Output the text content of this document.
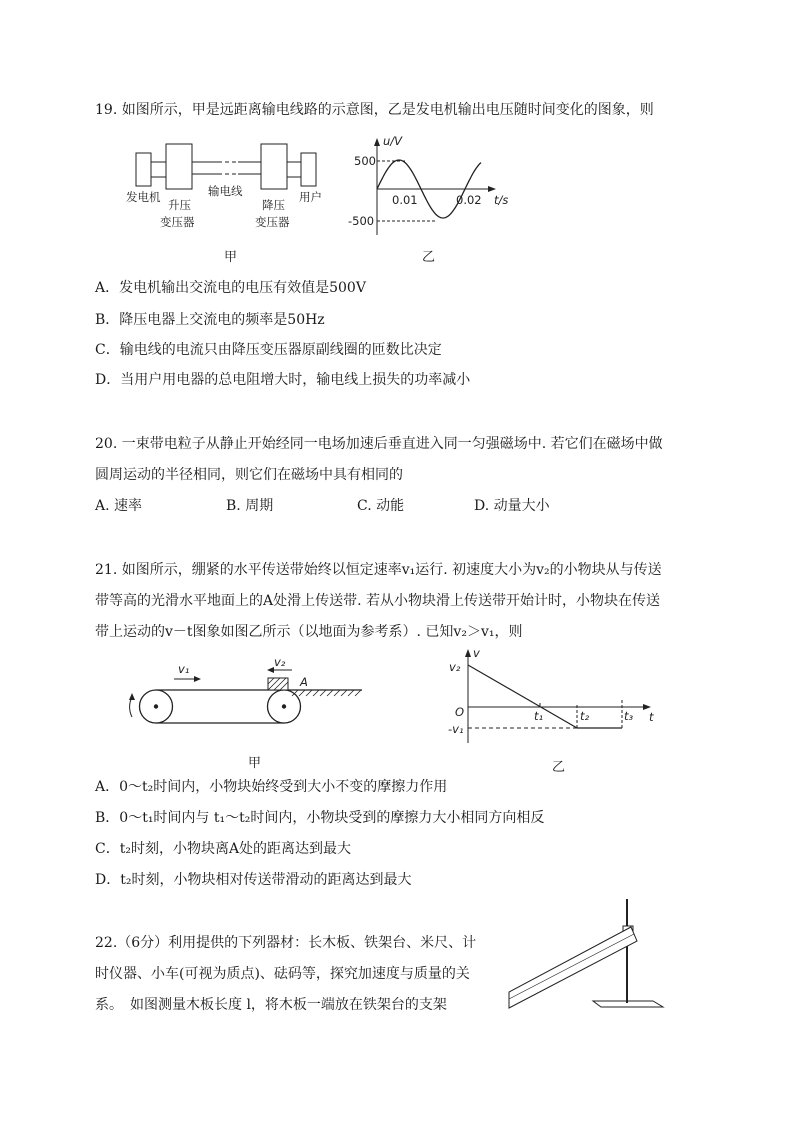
19. 如图所示，甲是远距离输电线路的示意图，乙是发电机输出电压随时间变化的图象，则
发电机
升压
变压器
输电线
降压
变压器
用户
甲
u/V
500
-500
0.01	0.02 t/s
乙
A．发电机输出交流电的电压有效值是500V
B．降压电器上交流电的频率是50Hz
C．输电线的电流只由降压变压器原副线圈的匝数比决定
D．当用户用电器的总电阻增大时，输电线上损失的功率减小
20. 一束带电粒子从静止开始经同一电场加速后垂直进入同一匀强磁场中. 若它们在磁场中做
圆周运动的半径相同，则它们在磁场中具有相同的
A. 速率	B. 周期	C. 动能	D. 动量大小
21. 如图所示，绷紧的水平传送带始终以恒定速率v₁运行. 初速度大小为v₂的小物块从与传送
带等高的光滑水平地面上的A处滑上传送带. 若从小物块滑上传送带开始计时，小物块在传送
带上运动的v－t图象如图乙所示（以地面为参考系）. 已知v₂＞v₁，则
v₁	v₂
A
甲
v
v₂
O
-v₁
t₁	t₂	t₃ t
乙
A．0～t₂时间内，小物块始终受到大小不变的摩擦力作用
B．0～t₁时间内与 t₁～t₂时间内，小物块受到的摩擦力大小相同方向相反
C．t₂时刻，小物块离A处的距离达到最大
D．t₂时刻，小物块相对传送带滑动的距离达到最大
22.（6分）利用提供的下列器材：长木板、铁架台、米尺、计
时仪器、小车(可视为质点)、砝码等，探究加速度与质量的关
系。　如图测量木板长度 l，将木板一端放在铁架台的支架
